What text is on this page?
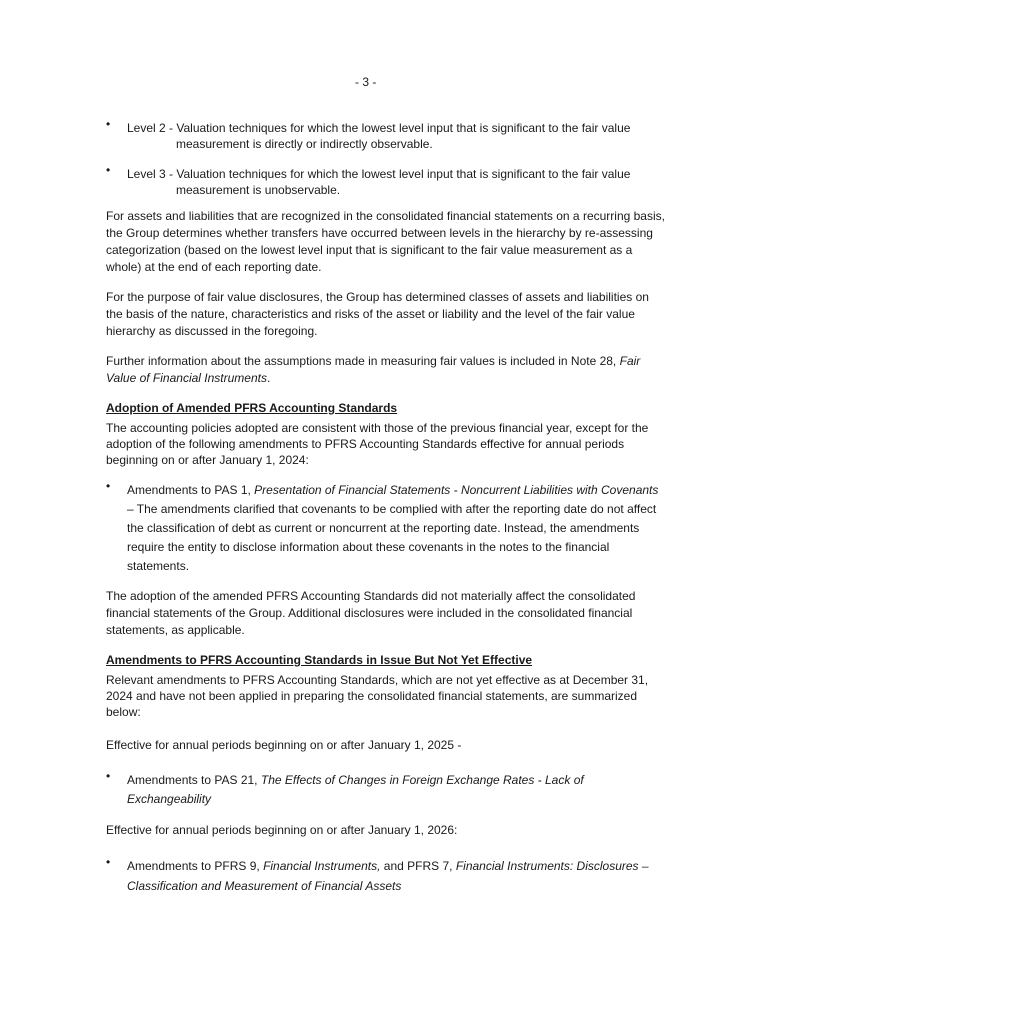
- 3 -
• Level 2 - Valuation techniques for which the lowest level input that is significant to the fair value
measurement is directly or indirectly observable.
• Level 3 - Valuation techniques for which the lowest level input that is significant to the fair value
measurement is unobservable.

For assets and liabilities that are recognized in the consolidated financial statements on a recurring basis, the Group determines whether transfers have occurred between levels in the hierarchy by re-assessing categorization (based on the lowest level input that is significant to the fair value measurement as a whole) at the end of each reporting date.

For the purpose of fair value disclosures, the Group has determined classes of assets and liabilities on the basis of the nature, characteristics and risks of the asset or liability and the level of the fair value hierarchy as discussed in the foregoing.

Further information about the assumptions made in measuring fair values is included in Note 28, Fair Value of Financial Instruments.

Adoption of Amended PFRS Accounting Standards

The accounting policies adopted are consistent with those of the previous financial year, except for the adoption of the following amendments to PFRS Accounting Standards effective for annual periods beginning on or after January 1, 2024:

• Amendments to PAS 1, Presentation of Financial Statements - Noncurrent Liabilities with Covenants – The amendments clarified that covenants to be complied with after the reporting date do not affect the classification of debt as current or noncurrent at the reporting date. Instead, the amendments require the entity to disclose information about these covenants in the notes to the financial statements.

The adoption of the amended PFRS Accounting Standards did not materially affect the consolidated financial statements of the Group. Additional disclosures were included in the consolidated financial statements, as applicable.

Amendments to PFRS Accounting Standards in Issue But Not Yet Effective

Relevant amendments to PFRS Accounting Standards, which are not yet effective as at December 31, 2024 and have not been applied in preparing the consolidated financial statements, are summarized below:

Effective for annual periods beginning on or after January 1, 2025 -

• Amendments to PAS 21, The Effects of Changes in Foreign Exchange Rates - Lack of Exchangeability

Effective for annual periods beginning on or after January 1, 2026:

• Amendments to PFRS 9, Financial Instruments, and PFRS 7, Financial Instruments: Disclosures – Classification and Measurement of Financial Assets
